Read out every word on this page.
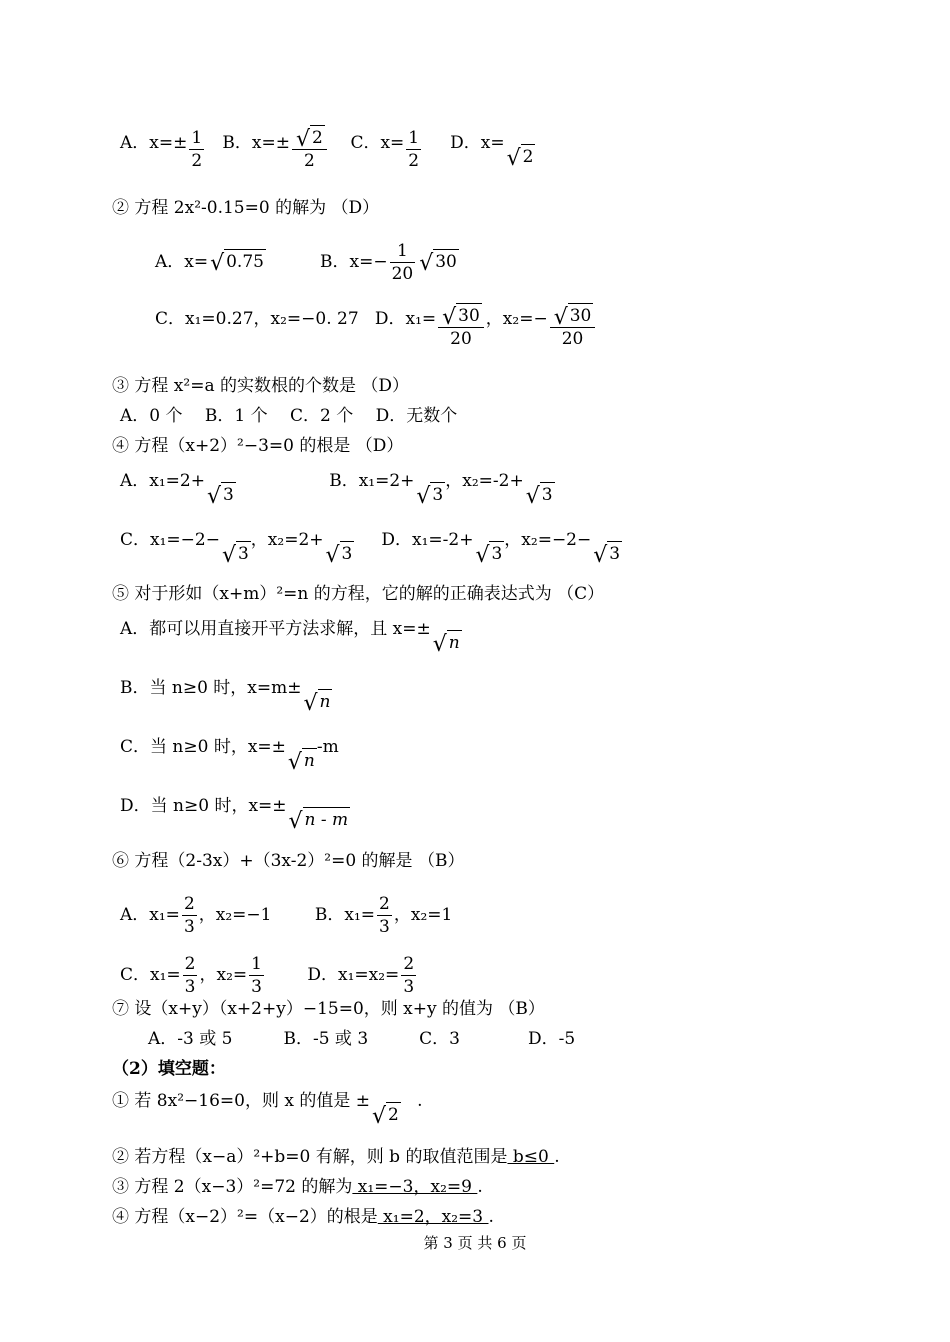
A．$x=\pm \frac{1}{2}$ B．$x=\pm \frac{√ 2}{2}$ C．$x= \frac{1}{2}$ D．x=
√ 2
② 方程 2x²-0.15=0 的解为 （D）
A．x= √ 0.75	B．$x=- \frac{1}{20}$ √ 30
C．x₁=0.27，x₂=−0. 27 D．$x_1= \frac{√ 30}{20}$ ，$x_2=- \frac{√ 30}{20}$
③ 方程 x²=a 的实数根的个数是 （D）
A．0 个　 B．1 个　 C．2 个　 D．无数个
④ 方程（x+2）²−3=0 的根是 （D）
A．x₁=2+
√ 3 B．x₁=2+
√ 3，x₂=-2+
√ 3
C．x₁=−2−
√ 3，x₂=2+
√ 3     D．x₁=-2+
√ 3，x₂=−2−
√ 3
⑤ 对于形如（x+m）²=n 的方程，它的解的正确表达式为 （C）
A．都可以用直接开平方法求解，且 x=±
√ n
B．当 n≥0 时，x=m±
√ n
C．当 n≥0 时，x=±
√ n-m
D．当 n≥0 时，x=±
√ n - m
⑥ 方程（2-3x）+（3x-2）²=0 的解是 （B）
A．$x_1= \frac{2}{3}$ ，x₂=−1	B．$x_1= \frac{2}{3}$ ，x₂=1
C．$x_1= \frac{2}{3}$ ，$x_2= \frac{1}{3}$	D．$x_1=x_2= \frac{2}{3}$
⑦ 设（x+y）（x+2+y）−15=0，则 x+y 的值为 （B）
A．-3 或 5　　　B．-5 或 3　　　C．3　　　　D．-5
（2）填空题：
① 若 8x²−16=0，则 x 的值是 ±
√ 2   .
② 若方程（x−a）²+b=0 有解，则 b 的取值范围是 b≤0 .
③ 方程 2（x−3）²=72 的解为 x₁=−3，x₂=9 .
④ 方程（x−2）²=（x−2）的根是 x₁=2，x₂=3 .
第 3 页 共 6 页
